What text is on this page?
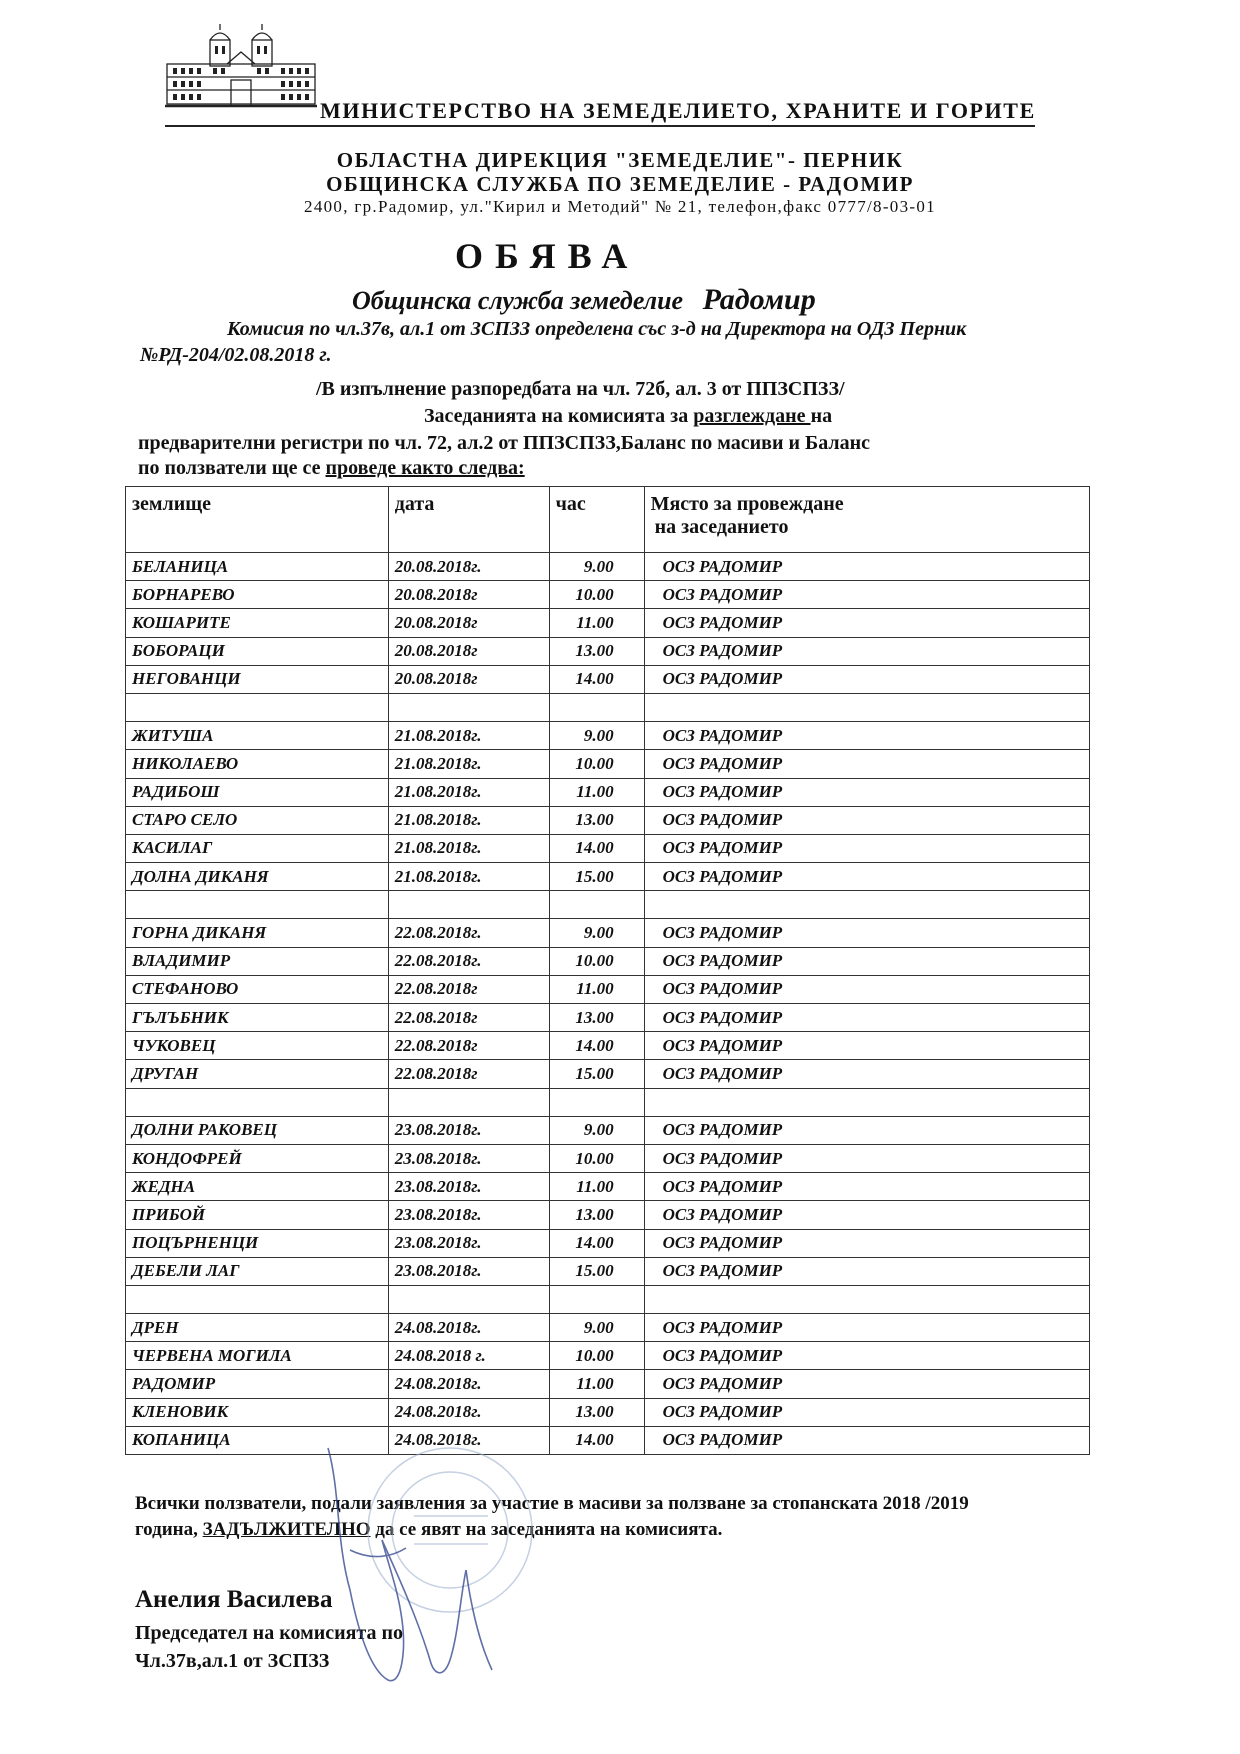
МИНИСТЕРСТВО НА ЗЕМЕДЕЛИЕТО, ХРАНИТЕ И ГОРИТЕ
ОБЛАСТНА ДИРЕКЦИЯ "ЗЕМЕДЕЛИЕ"- ПЕРНИК
ОБЩИНСКА СЛУЖБА ПО ЗЕМЕДЕЛИЕ - РАДОМИР
2400, гр.Радомир, ул."Кирил и Методий" № 21, телефон,факс 0777/8-03-01
ОБЯВА
Общинска служба земеделие Радомир
Комисия по чл.37в, ал.1 от ЗСПЗЗ определена със з-д на Директора на ОДЗ Перник
№РД-204/02.08.2018 г.
/В изпълнение разпоредбата на чл. 72б, ал. 3 от ППЗСПЗЗ/
Заседанията на комисията за разглеждане на
предварителни регистри по чл. 72, ал.2 от ППЗСПЗЗ,Баланс по масиви и Баланс
по ползватели ще се проведе както следва:
землище	дата	час	Място за провеждане
на заседанието

БЕЛАНИЦА	20.08.2018г.	9.00	ОСЗ РАДОМИР
БОРНАРЕВО	20.08.2018г	10.00	ОСЗ РАДОМИР
КОШАРИТЕ	20.08.2018г	11.00	ОСЗ РАДОМИР
БОБОРАЦИ	20.08.2018г	13.00	ОСЗ РАДОМИР
НЕГОВАНЦИ	20.08.2018г	14.00	ОСЗ РАДОМИР

ЖИТУША	21.08.2018г.	9.00	ОСЗ РАДОМИР
НИКОЛАЕВО	21.08.2018г.	10.00	ОСЗ РАДОМИР
РАДИБОШ	21.08.2018г.	11.00	ОСЗ РАДОМИР
СТАРО СЕЛО	21.08.2018г.	13.00	ОСЗ РАДОМИР
КАСИЛАГ	21.08.2018г.	14.00	ОСЗ РАДОМИР
ДОЛНА ДИКАНЯ	21.08.2018г.	15.00	ОСЗ РАДОМИР

ГОРНА ДИКАНЯ	22.08.2018г.	9.00	ОСЗ РАДОМИР
ВЛАДИМИР	22.08.2018г.	10.00	ОСЗ РАДОМИР
СТЕФАНОВО	22.08.2018г	11.00	ОСЗ РАДОМИР
ГЪЛЪБНИК	22.08.2018г	13.00	ОСЗ РАДОМИР
ЧУКОВЕЦ	22.08.2018г	14.00	ОСЗ РАДОМИР
ДРУГАН	22.08.2018г	15.00	ОСЗ РАДОМИР

ДОЛНИ РАКОВЕЦ	23.08.2018г.	9.00	ОСЗ РАДОМИР
КОНДОФРЕЙ	23.08.2018г.	10.00	ОСЗ РАДОМИР
ЖЕДНА	23.08.2018г.	11.00	ОСЗ РАДОМИР
ПРИБОЙ	23.08.2018г.	13.00	ОСЗ РАДОМИР
ПОЦЪРНЕНЦИ	23.08.2018г.	14.00	ОСЗ РАДОМИР
ДЕБЕЛИ ЛАГ	23.08.2018г.	15.00	ОСЗ РАДОМИР

ДРЕН	24.08.2018г.	9.00	ОСЗ РАДОМИР
ЧЕРВЕНА МОГИЛА	24.08.2018 г.	10.00	ОСЗ РАДОМИР
РАДОМИР	24.08.2018г.	11.00	ОСЗ РАДОМИР
КЛЕНОВИК	24.08.2018г.	13.00	ОСЗ РАДОМИР
КОПАНИЦА	24.08.2018г.	14.00	ОСЗ РАДОМИР
Всички ползватели, подали заявления за участие в масиви за ползване за стопанската 2018 /2019
година, ЗАДЪЛЖИТЕЛНО да се явят на заседанията на комисията.
Анелия Василева
Председател на комисията по
Чл.37в,ал.1 от ЗСПЗЗ
